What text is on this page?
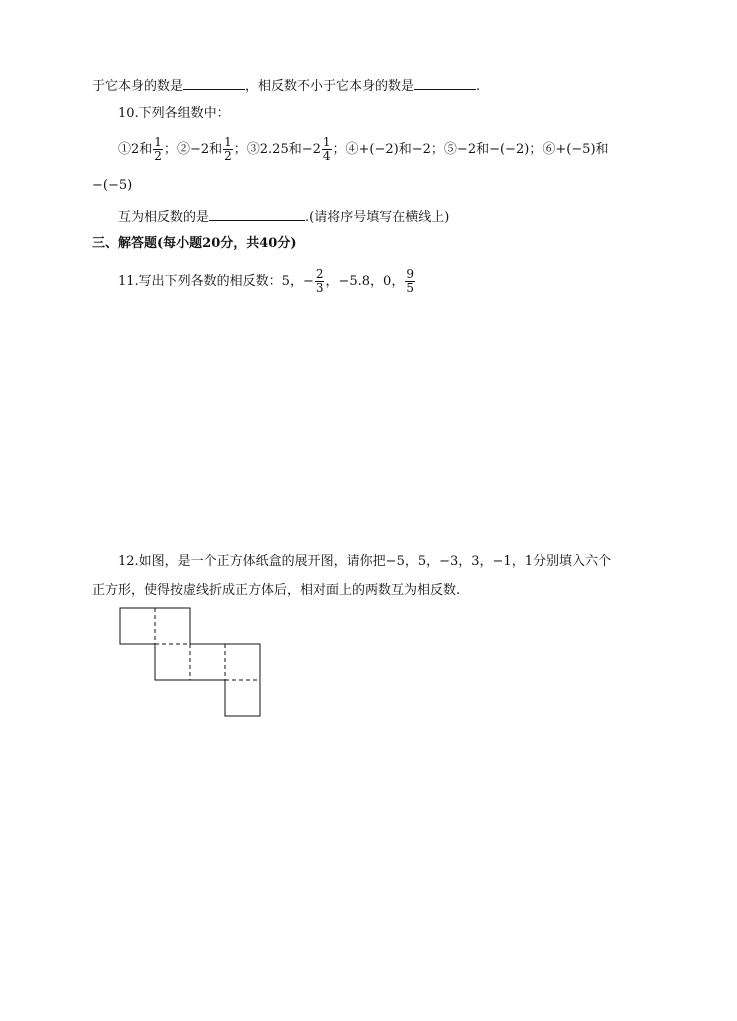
于它本身的数是	，相反数不小于它本身的数是	.
10.下列各组数中：
①2和 $\frac{1}{2}$ ；②−2和 $\frac{1}{2}$ ；③2.25和$-2 \frac{1}{4}$ ；④+(−2)和−2；⑤−2和−(−2)；⑥+(−5)和
−(−5)
互为相反数的是	.(请将序号填写在横线上)
三、解答题(每小题20分，共40分)
11.写出下列各数的相反数：5，− $\frac{2}{3}$ ，−5.8，0， $\frac{9}{5}$
12.如图，是一个正方体纸盒的展开图，请你把−5，5，−3，3，−1，1分别填入六个
正方形，使得按虚线折成正方体后，相对面上的两数互为相反数.
